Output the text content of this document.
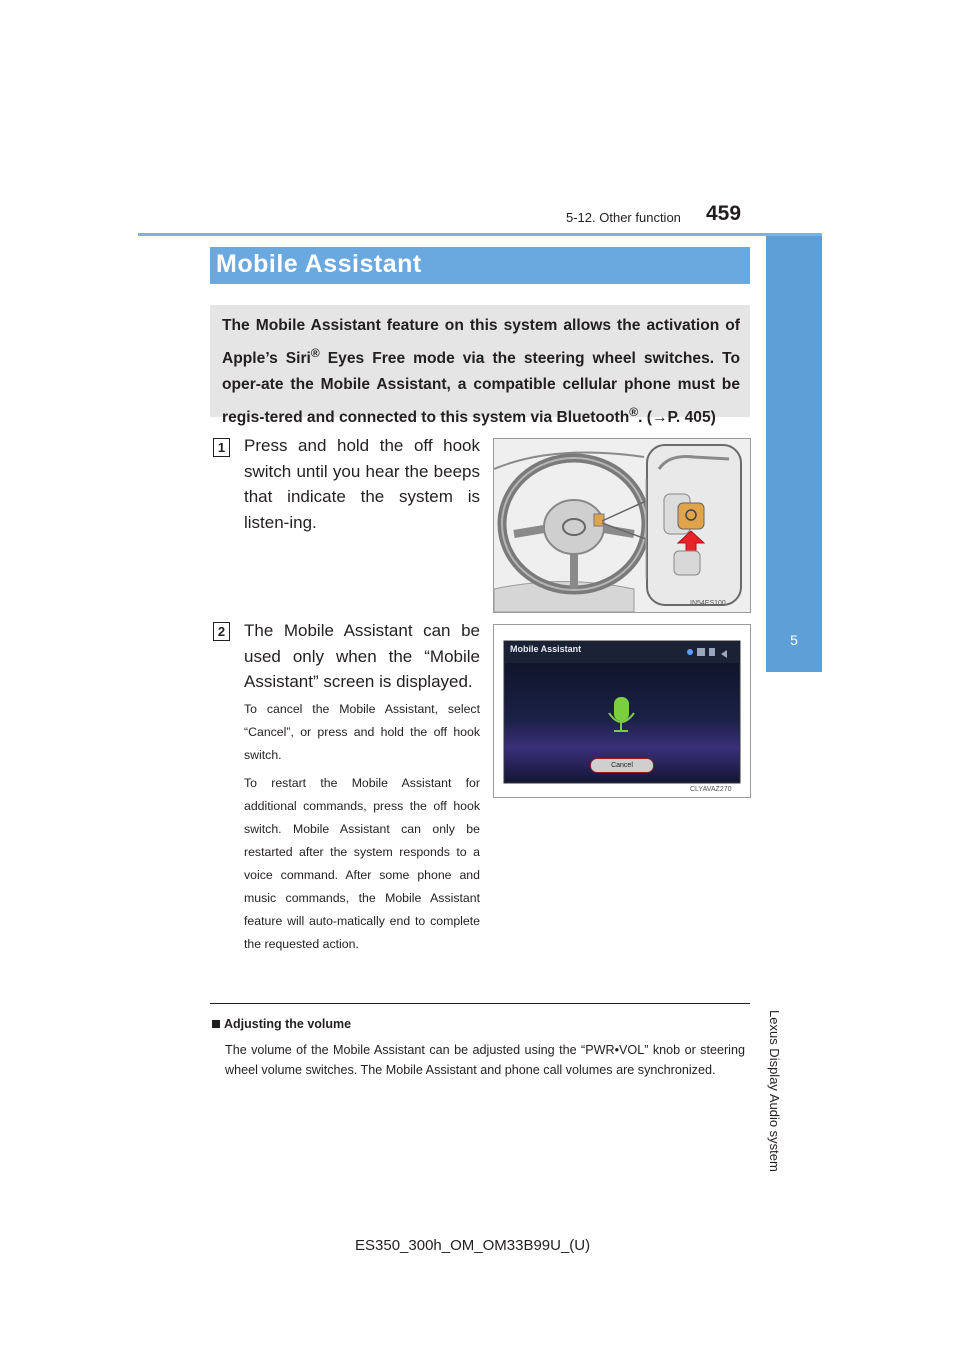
5-12. Other function 459
5
Lexus Display Audio system
Mobile Assistant
The Mobile Assistant feature on this system allows the activation of Apple’s Siri® Eyes Free mode via the steering wheel switches. To oper-ate the Mobile Assistant, a compatible cellular phone must be regis-tered and connected to this system via Bluetooth®. (→P. 405)
1 Press and hold the off hook switch until you hear the beeps that indicate the system is listen-ing.
IN54ES100
2 The Mobile Assistant can be used only when the “Mobile Assistant” screen is displayed.
To cancel the Mobile Assistant, select “Cancel”, or press and hold the off hook switch.
To restart the Mobile Assistant for additional commands, press the off hook switch. Mobile Assistant can only be restarted after the system responds to a voice command. After some phone and music commands, the Mobile Assistant feature will auto-matically end to complete the requested action.
Mobile Assistant
Cancel
CLYAVAZ270
Adjusting the volume
The volume of the Mobile Assistant can be adjusted using the “PWR•VOL” knob or steering wheel volume switches. The Mobile Assistant and phone call volumes are synchronized.
ES350_300h_OM_OM33B99U_(U)
